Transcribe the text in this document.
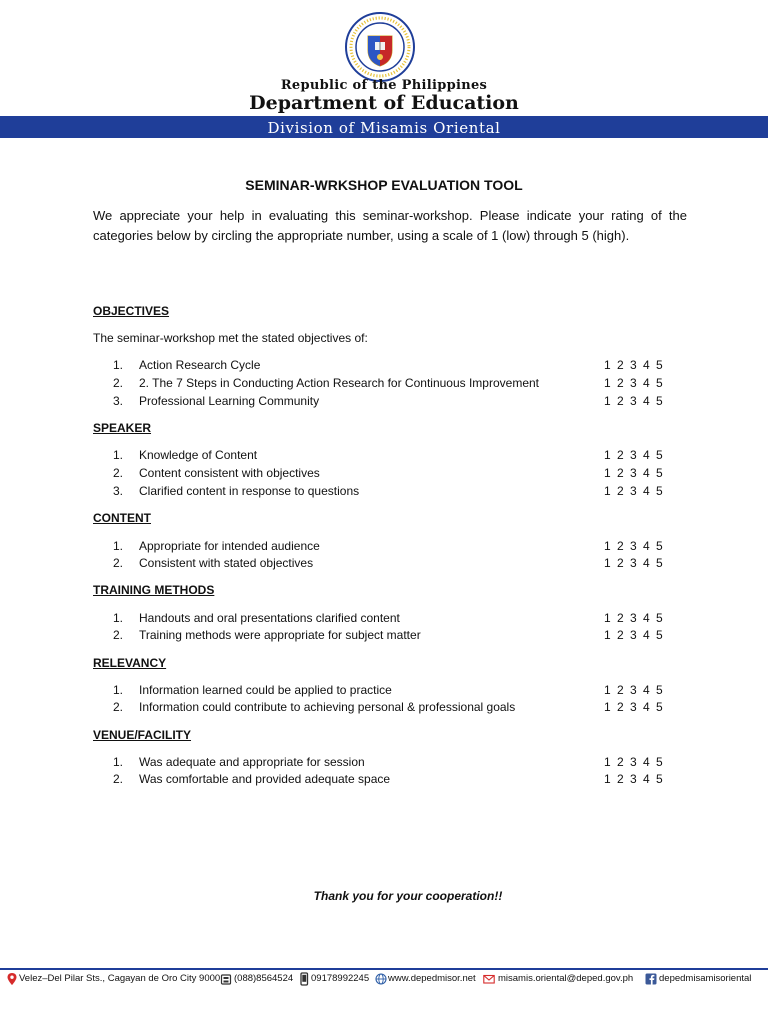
Republic of the Philippines
Department of Education
Division of Misamis Oriental
SEMINAR-WRKSHOP EVALUATION TOOL
We appreciate your help in evaluating this seminar-workshop. Please indicate your rating of the categories below by circling the appropriate number, using a scale of 1 (low) through 5 (high).
OBJECTIVES
The seminar-workshop met the stated objectives of:
1. Action Research Cycle	1 2 3 4 5
2. 2. The 7 Steps in Conducting Action Research for Continuous Improvement	1 2 3 4 5
3. Professional Learning Community	1 2 3 4 5
SPEAKER
1. Knowledge of Content	1 2 3 4 5
2. Content consistent with objectives	1 2 3 4 5
3. Clarified content in response to questions	1 2 3 4 5
CONTENT
1. Appropriate for intended audience	1 2 3 4 5
2. Consistent with stated objectives	1 2 3 4 5
TRAINING METHODS
1. Handouts and oral presentations clarified content	1 2 3 4 5
2. Training methods were appropriate for subject matter	1 2 3 4 5
RELEVANCY
1. Information learned could be applied to practice	1 2 3 4 5
2. Information could contribute to achieving personal & professional goals	1 2 3 4 5
VENUE/FACILITY
1. Was adequate and appropriate for session	1 2 3 4 5
2. Was comfortable and provided adequate space	1 2 3 4 5
Thank you for your cooperation!!
Velez–Del Pilar Sts., Cagayan de Oro City 9000 (088)8564524 09178992245 www.depedmisor.net misamis.oriental@deped.gov.ph	depedmisamisoriental
